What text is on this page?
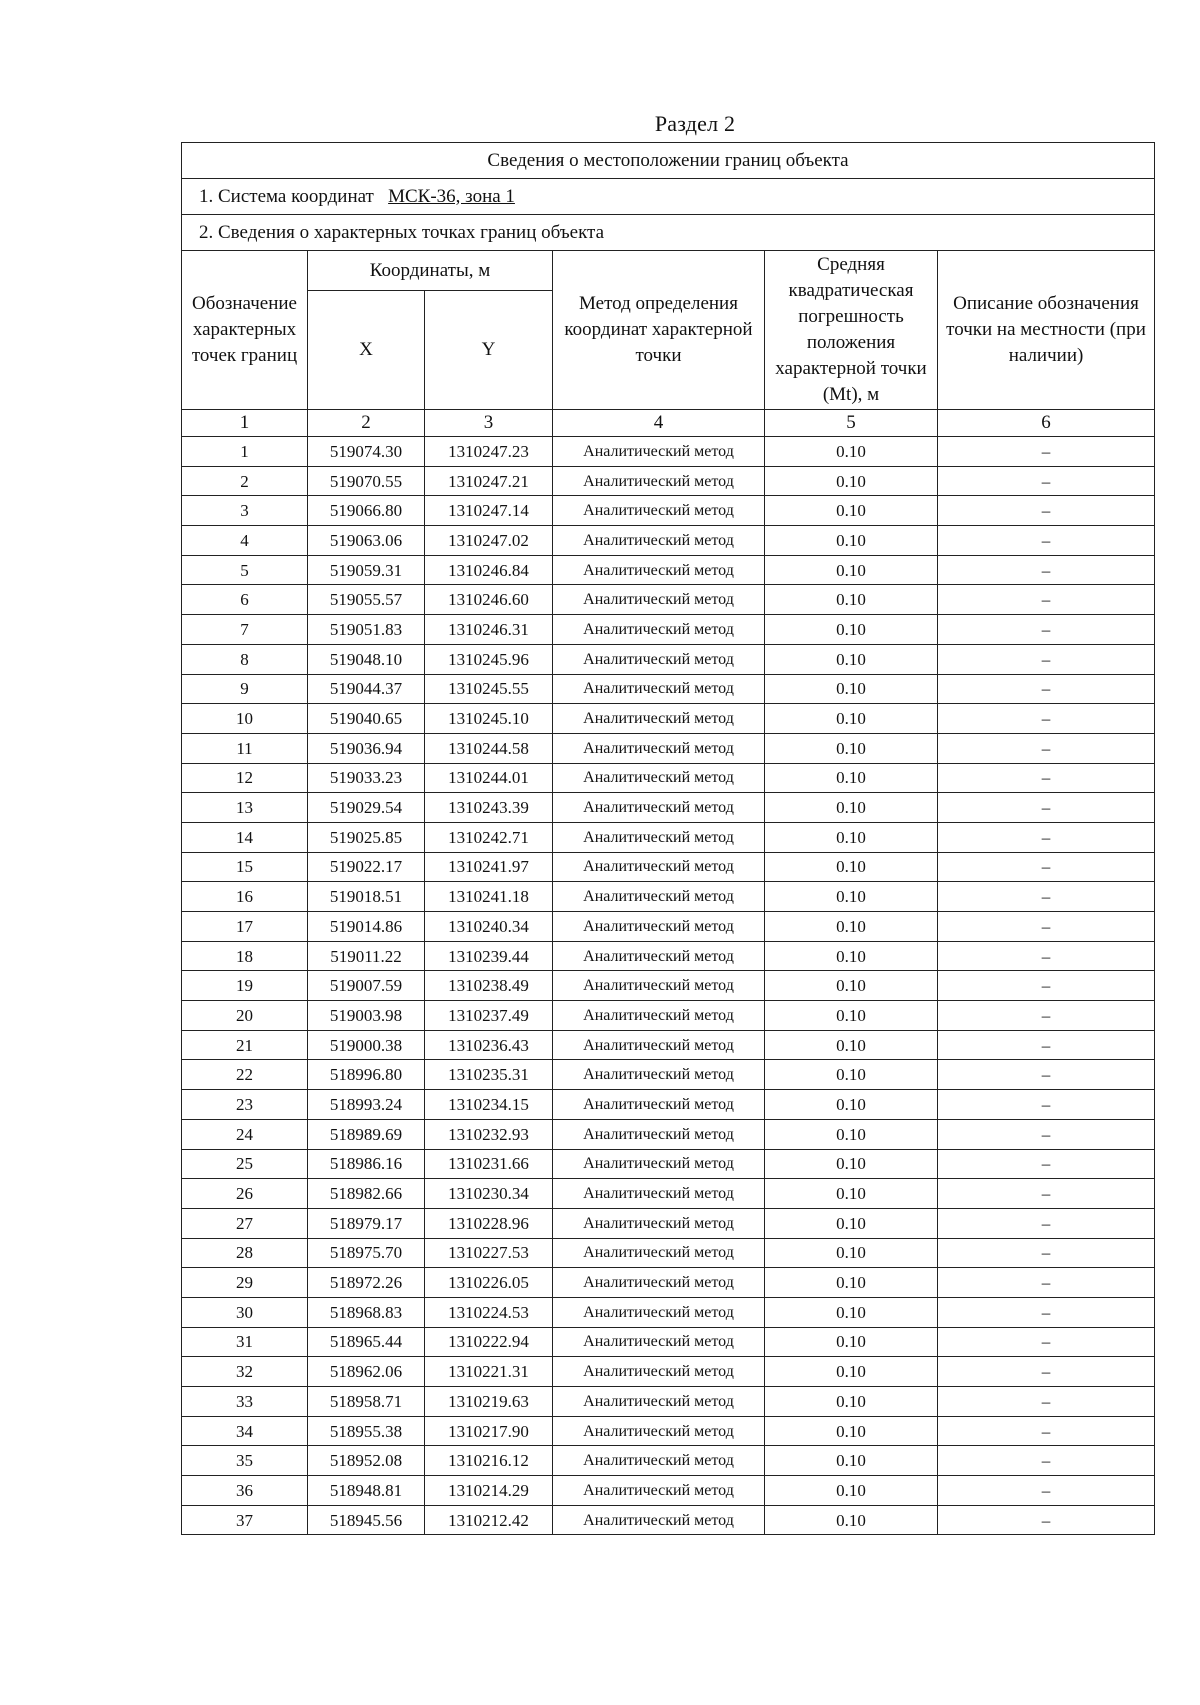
Раздел 2
Сведения о местоположении границ объекта					
1. Система координат МСК-36, зона 1					
2. Сведения о характерных точках границ объекта					
Обозначение характерных точек границ	Координаты, м		Метод определения координат характерной точки	Средняя квадратическая погрешность положения характерной точки (Mt), м	Описание обозначения точки на местности (при наличии)
	X	Y			
1	2	3	4	5	6
1	519074.30	1310247.23	Аналитический метод	0.10	–
2	519070.55	1310247.21	Аналитический метод	0.10	–
3	519066.80	1310247.14	Аналитический метод	0.10	–
4	519063.06	1310247.02	Аналитический метод	0.10	–
5	519059.31	1310246.84	Аналитический метод	0.10	–
6	519055.57	1310246.60	Аналитический метод	0.10	–
7	519051.83	1310246.31	Аналитический метод	0.10	–
8	519048.10	1310245.96	Аналитический метод	0.10	–
9	519044.37	1310245.55	Аналитический метод	0.10	–
10	519040.65	1310245.10	Аналитический метод	0.10	–
11	519036.94	1310244.58	Аналитический метод	0.10	–
12	519033.23	1310244.01	Аналитический метод	0.10	–
13	519029.54	1310243.39	Аналитический метод	0.10	–
14	519025.85	1310242.71	Аналитический метод	0.10	–
15	519022.17	1310241.97	Аналитический метод	0.10	–
16	519018.51	1310241.18	Аналитический метод	0.10	–
17	519014.86	1310240.34	Аналитический метод	0.10	–
18	519011.22	1310239.44	Аналитический метод	0.10	–
19	519007.59	1310238.49	Аналитический метод	0.10	–
20	519003.98	1310237.49	Аналитический метод	0.10	–
21	519000.38	1310236.43	Аналитический метод	0.10	–
22	518996.80	1310235.31	Аналитический метод	0.10	–
23	518993.24	1310234.15	Аналитический метод	0.10	–
24	518989.69	1310232.93	Аналитический метод	0.10	–
25	518986.16	1310231.66	Аналитический метод	0.10	–
26	518982.66	1310230.34	Аналитический метод	0.10	–
27	518979.17	1310228.96	Аналитический метод	0.10	–
28	518975.70	1310227.53	Аналитический метод	0.10	–
29	518972.26	1310226.05	Аналитический метод	0.10	–
30	518968.83	1310224.53	Аналитический метод	0.10	–
31	518965.44	1310222.94	Аналитический метод	0.10	–
32	518962.06	1310221.31	Аналитический метод	0.10	–
33	518958.71	1310219.63	Аналитический метод	0.10	–
34	518955.38	1310217.90	Аналитический метод	0.10	–
35	518952.08	1310216.12	Аналитический метод	0.10	–
36	518948.81	1310214.29	Аналитический метод	0.10	–
37	518945.56	1310212.42	Аналитический метод	0.10	–
